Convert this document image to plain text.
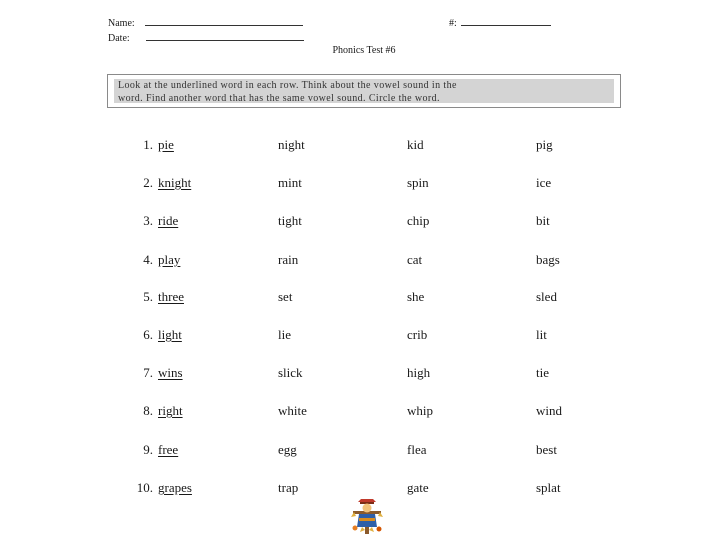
Name:	#:
Date:
Phonics Test #6
Look at the underlined word in each row. Think about the vowel sound in the
word. Find another word that has the same vowel sound. Circle the word.
1. pie	night	kid	pig
2. knight	mint	spin	ice
3. ride	tight	chip	bit
4. play	rain	cat	bags
5. three	set	she	sled
6. light	lie	crib	lit
7. wins	slick	high	tie
8. right	white	whip	wind
9. free	egg	flea	best
10. grapes	trap	gate	splat
